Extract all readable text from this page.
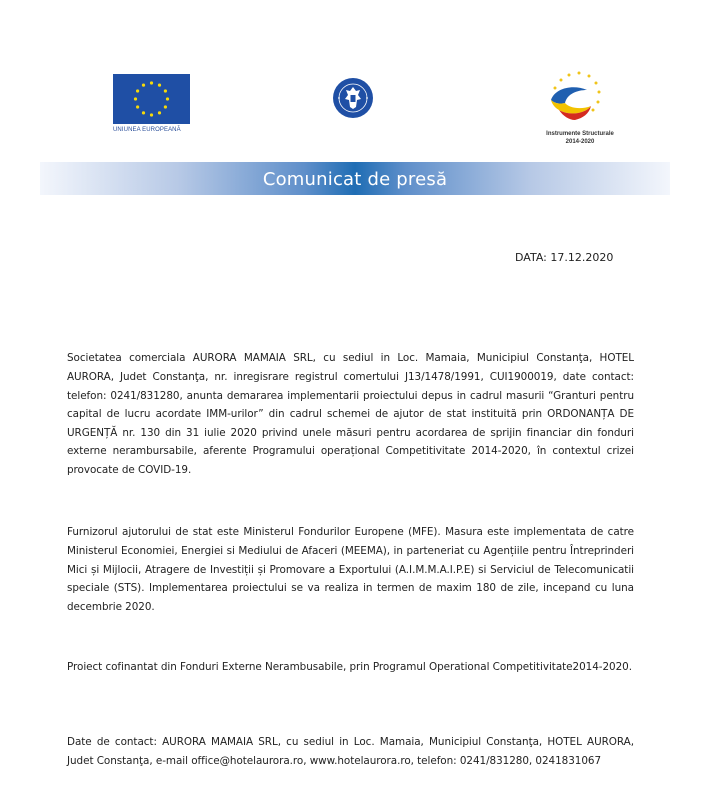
UNIUNEA EUROPEANĂ
Instrumente Structurale
2014-2020
Comunicat de presă
DATA: 17.12.2020

Societatea comerciala AURORA MAMAIA SRL, cu sediul in Loc. Mamaia, Municipiul Constanţa, HOTEL AURORA, Judet Constanţa, nr. inregisrare registrul comertului J13/1478/1991, CUI1900019, date contact: telefon: 0241/831280, anunta demararea implementarii proiectului depus in cadrul masurii “Granturi pentru capital de lucru acordate IMM-urilor” din cadrul schemei de ajutor de stat instituită prin ORDONANȚA DE URGENȚĂ nr. 130 din 31 iulie 2020 privind unele măsuri pentru acordarea de sprijin financiar din fonduri externe nerambursabile, aferente Programului operațional Competitivitate 2014-2020, în contextul crizei provocate de COVID-19.

Furnizorul ajutorului de stat este Ministerul Fondurilor Europene (MFE). Masura este implementata de catre Ministerul Economiei, Energiei si Mediului de Afaceri (MEEMA), in parteneriat cu Agențiile pentru Întreprinderi Mici și Mijlocii, Atragere de Investiții și Promovare a Exportului (A.I.M.M.A.I.P.E) si Serviciul de Telecomunicatii speciale (STS). Implementarea proiectului se va realiza in termen de maxim 180 de zile, incepand cu luna decembrie 2020.

Proiect cofinantat din Fonduri Externe Nerambusabile, prin Programul Operational Competitivitate2014-2020.

Date de contact: AURORA MAMAIA SRL, cu sediul in Loc. Mamaia, Municipiul Constanţa, HOTEL AURORA, Judet Constanţa, e-mail office@hotelaurora.ro, www.hotelaurora.ro, telefon: 0241/831280, 0241831067
